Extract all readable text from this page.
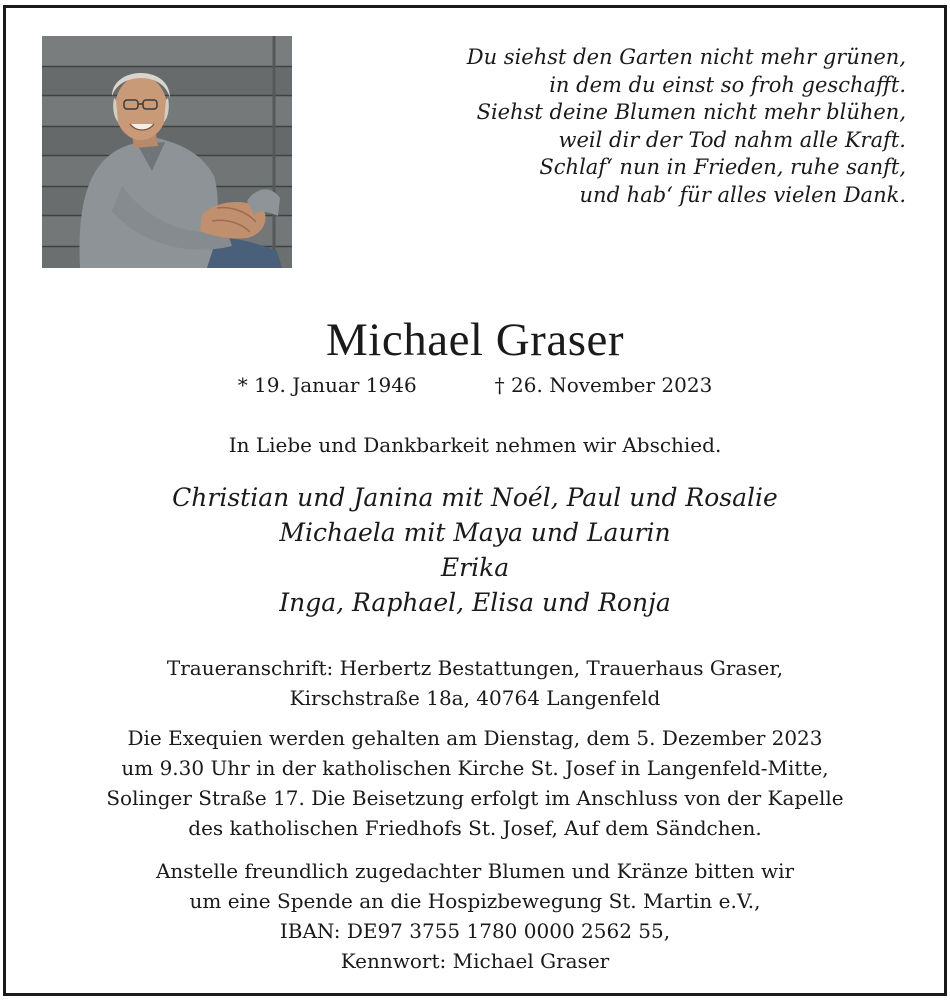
Du siehst den Garten nicht mehr grünen,
in dem du einst so froh geschafft.
Siehst deine Blumen nicht mehr blühen,
weil dir der Tod nahm alle Kraft.
Schlaf‘ nun in Frieden, ruhe sanft,
und hab‘ für alles vielen Dank.
Michael Graser
* 19. Januar 1946	† 26. November 2023
In Liebe und Dankbarkeit nehmen wir Abschied.
Christian und Janina mit Noél, Paul und Rosalie
Michaela mit Maya und Laurin
Erika
Inga, Raphael, Elisa und Ronja
Traueranschrift: Herbertz Bestattungen, Trauerhaus Graser,
Kirschstraße 18a, 40764 Langenfeld
Die Exequien werden gehalten am Dienstag, dem 5. Dezember 2023
um 9.30 Uhr in der katholischen Kirche St. Josef in Langenfeld-Mitte,
Solinger Straße 17. Die Beisetzung erfolgt im Anschluss von der Kapelle
des katholischen Friedhofs St. Josef, Auf dem Sändchen.
Anstelle freundlich zugedachter Blumen und Kränze bitten wir
um eine Spende an die Hospizbewegung St. Martin e.V.,
IBAN: DE97 3755 1780 0000 2562 55,
Kennwort: Michael Graser
